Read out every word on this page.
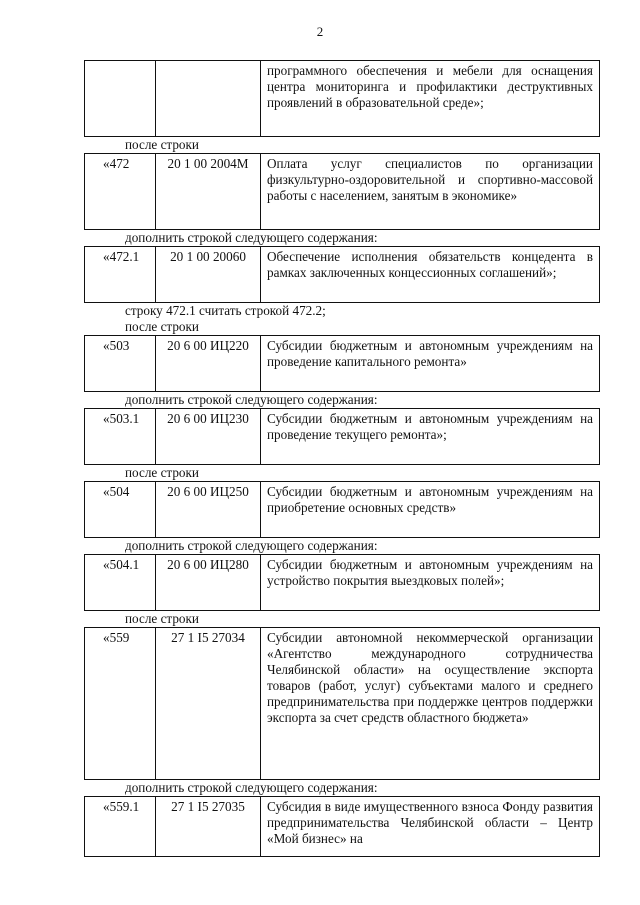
2
		программного обеспечения и мебели для оснащения центра мониторинга и профилактики деструктивных проявлений в образовательной среде»;
после строки
«472	20 1 00 2004М	Оплата услуг специалистов по организации физкультурно-оздоровительной и спортивно-массовой работы с населением, занятым в экономике»
дополнить строкой следующего содержания:
«472.1	20 1 00 20060	Обеспечение исполнения обязательств концедента в рамках заключенных концессионных соглашений»;
строку 472.1 считать строкой 472.2;
после строки
«503	20 6 00 ИЦ220	Субсидии бюджетным и автономным учреждениям на проведение капитального ремонта»
дополнить строкой следующего содержания:
«503.1	20 6 00 ИЦ230	Субсидии бюджетным и автономным учреждениям на проведение текущего ремонта»;
после строки
«504	20 6 00 ИЦ250	Субсидии бюджетным и автономным учреждениям на приобретение основных средств»
дополнить строкой следующего содержания:
«504.1	20 6 00 ИЦ280	Субсидии бюджетным и автономным учреждениям на устройство покрытия выездковых полей»;
после строки
«559	27 1 I5 27034	Субсидии автономной некоммерческой организации «Агентство международного сотрудничества Челябинской области» на осуществление экспорта товаров (работ, услуг) субъектами малого и среднего предпринимательства при поддержке центров поддержки экспорта за счет средств областного бюджета»
дополнить строкой следующего содержания:
«559.1	27 1 I5 27035	Субсидия в виде имущественного взноса Фонду развития предпринимательства Челябинской области – Центр «Мой бизнес» на
